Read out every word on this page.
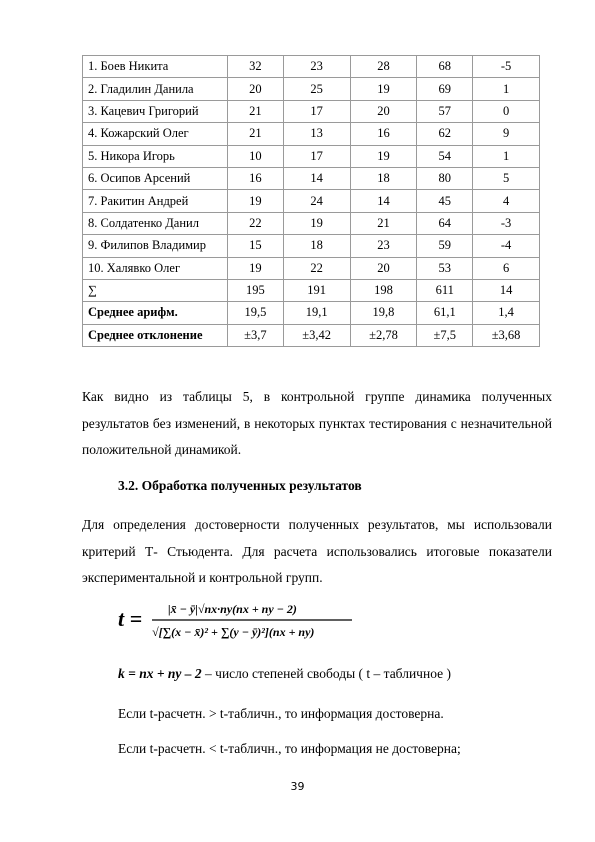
1. Боев Никита	32	23	28	68	-5
2. Гладилин Данила	20	25	19	69	1
3. Кацевич Григорий	21	17	20	57	0
4. Кожарский Олег	21	13	16	62	9
5. Никора Игорь	10	17	19	54	1
6. Осипов Арсений	16	14	18	80	5
7. Ракитин Андрей	19	24	14	45	4
8. Солдатенко Данил	22	19	21	64	-3
9. Филипов Владимир	15	18	23	59	-4
10. Халявко Олег	19	22	20	53	6
∑	195	191	198	611	14
Среднее арифм.	19,5	19,1	19,8	61,1	1,4
Среднее отклонение	±3,7	±3,42	±2,78	±7,5	±3,68
Как видно из таблицы 5, в контрольной группе динамика полученных результатов без изменений, в некоторых пунктах тестирования с незначительной положительной динамикой.
3.2. Обработка полученных результатов
Для определения достоверности полученных результатов, мы использовали критерий Т- Стьюдента. Для расчета использовались итоговые показатели экспериментальной и контрольной групп.
t = |x̄ − ȳ|√nx·ny(nx + ny − 2)
√[∑(x − x̄)² + ∑(y − ȳ)²](nx + ny)
k = nx + ny – 2 – число степеней свободы ( t – табличное )
Если t-расчетн. > t-табличн., то информация достоверна.
Если t-расчетн. < t-табличн., то информация не достоверна;
39
